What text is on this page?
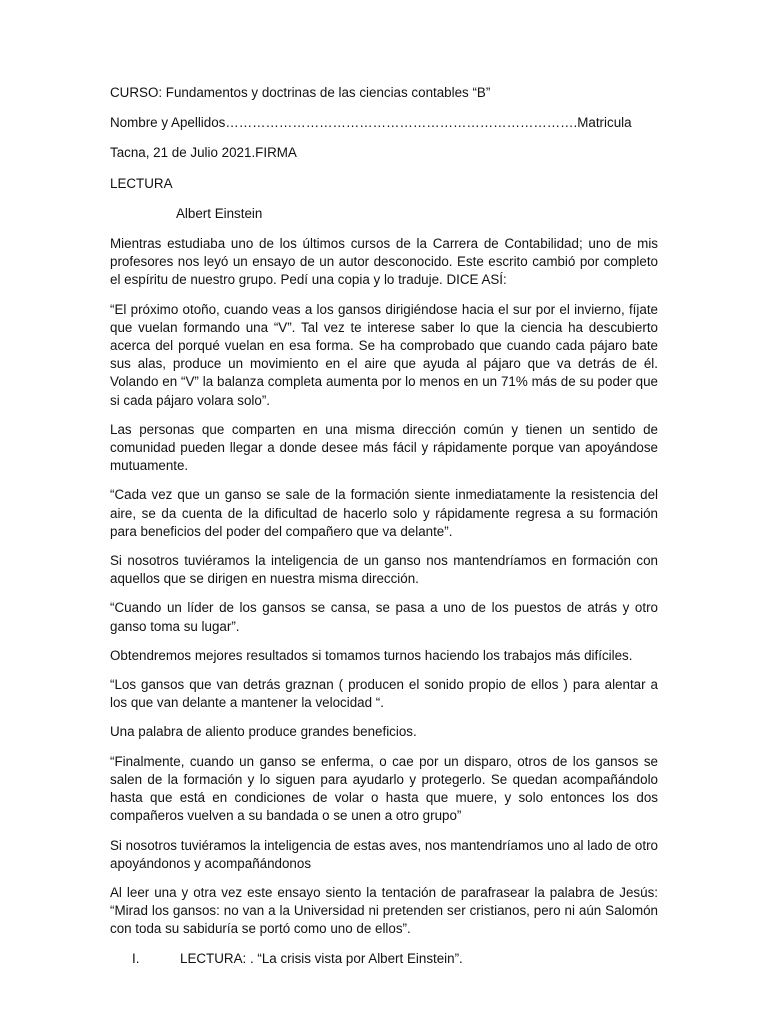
CURSO: Fundamentos y doctrinas de las ciencias contables “B”

Nombre y Apellidos…………………………………………………………………….Matricula

Tacna, 21 de Julio 2021.FIRMA

LECTURA

Albert Einstein

Mientras estudiaba uno de los últimos cursos de la Carrera de Contabilidad; uno de mis profesores nos leyó un ensayo de un autor desconocido. Este escrito cambió por completo el espíritu de nuestro grupo. Pedí una copia y lo traduje. DICE ASÍ:

“El próximo otoño, cuando veas a los gansos dirigiéndose hacia el sur por el invierno, fíjate que vuelan formando una “V”. Tal vez te interese saber lo que la ciencia ha descubierto acerca del porqué vuelan en esa forma. Se ha comprobado que cuando cada pájaro bate sus alas, produce un movimiento en el aire que ayuda al pájaro que va detrás de él. Volando en “V” la balanza completa aumenta por lo menos en un 71% más de su poder que si cada pájaro volara solo”.

Las personas que comparten en una misma dirección común y tienen un sentido de comunidad pueden llegar a donde desee más fácil y rápidamente porque van apoyándose mutuamente.

“Cada vez que un ganso se sale de la formación siente inmediatamente la resistencia del aire, se da cuenta de la dificultad de hacerlo solo y rápidamente regresa a su formación para beneficios del poder del compañero que va delante”.

Si nosotros tuviéramos la inteligencia de un ganso nos mantendríamos en formación con aquellos que se dirigen en nuestra misma dirección.

“Cuando un líder de los gansos se cansa, se pasa a uno de los puestos de atrás y otro ganso toma su lugar”.

Obtendremos mejores resultados si tomamos turnos haciendo los trabajos más difíciles.

“Los gansos que van detrás graznan ( producen el sonido propio de ellos ) para alentar a los que van delante a mantener la velocidad “.

Una palabra de aliento produce grandes beneficios.

“Finalmente, cuando un ganso se enferma, o cae por un disparo, otros de los gansos se salen de la formación y lo siguen para ayudarlo y protegerlo. Se quedan acompañándolo hasta que está en condiciones de volar o hasta que muere, y solo entonces los dos compañeros vuelven a su bandada o se unen a otro grupo”

Si nosotros tuviéramos la inteligencia de estas aves, nos mantendríamos uno al lado de otro apoyándonos y acompañándonos

Al leer una y otra vez este ensayo siento la tentación de parafrasear la palabra de Jesús: “Mirad los gansos: no van a la Universidad ni pretenden ser cristianos, pero ni aún Salomón con toda su sabiduría se portó como uno de ellos”.

I.	LECTURA: . “La crisis vista por Albert Einstein”.
